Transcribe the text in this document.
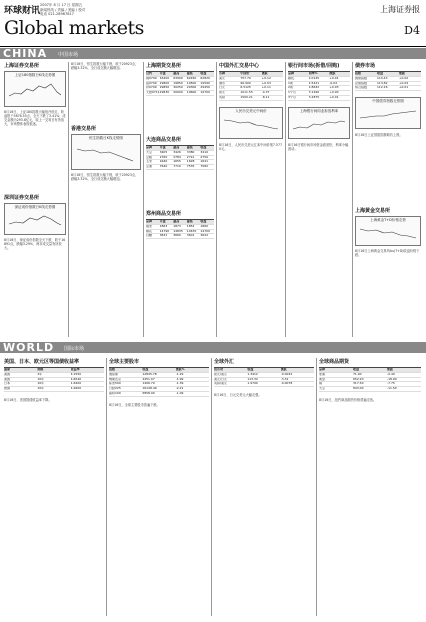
环球财讯
2007年 8 月 17 日 星期五
新闻热线 / 责编 / 美编 / 校对
电话 021-28967817
Global markets
上海证券报
D4
CHINA 中国市场
上海证券交易所
上证180指数日K线走势图
8月16日，上证180指数大幅低开低走，收盘报于3876.55点，全天下跌了3.41%；成交金额为293.8亿元，较上一交易日有所放大，市场整体表现低迷。
深圳证券交易所
深证成份指数日K线走势图
8月16日，深证成份指数全天下跌，收于16891点，跌幅3.29%，两市成交量有所放大。
8月16日，恒生指数大幅下挫，收于20923点，跌幅3.32%，全日成交额大幅增加。
香港交易所
恒生指数日K线走势图
8月16日，恒生指数大幅下挫，收于20923点，跌幅3.32%，全日成交额大幅增加。
上海期货交易所
合约	开盘	最高	最低	收盘
铜0709 63400	63900	62450	62820
铝0709 19800	19850	19500	19590
锌0709 29850	30250	29300	29450
天胶0711 19830	20000	19600	19700
大连商品交易所
品种	开盘	最高	最低	收盘
大豆	3405	3426	3380	3410
豆粕	2760	2784	2721	2750
玉米	1640	1655	1628	1641
豆油	7640	7710	7535	7582
郑州商品交易所
品种	开盘	最高	最低	收盘
强麦	1863	1873	1852	1860
棉花	14790	14835	14670	14700
白糖	3631	3660	3601	3622
中国外汇交易中心
币种	中间价	涨跌
美元	757.70	+0.12
港币	96.900	+0.03
日元	6.5125	+0.11
欧元	1011.55	-4.37
英镑	1500.21	-8.11
人民币兑美元中间价
8月16日，人民币兑美元汇率中间价报7.5770元。
银行间市场(拆借/回购)
品种	利率%	涨跌
隔夜	2.0145	+0.01
1周	2.5421	-0.02
2周	2.8632	+0.03
1个月	3.1290	+0.00
3个月	3.2875	+0.01
上海银行间同业拆放利率
8月16日银行间市场资金面宽松，利率小幅波动。
债券市场
指数	收盘	涨跌
国债指数	110.43	+0.02
企债指数	113.82	+0.04
综合指数	112.16	+0.01
中国债券指数走势图
8月16日上证国债指数略有上涨。
上海黄金交易所
上海黄金T+D价格走势
8月16日上海黄金交易所Au(T+D)收盘价格下跌。
WORLD 国际市场
美国、日本、欧元区等国债收益率
国家	期限	收益率
美国	2年	4.1550
美国	10年	4.6540
日本	10年	1.6400
德国	10年	4.2600
8月16日，美国国债收益率下降。
全球主要股市
指数	收盘	涨跌%
道琼斯	12845.78	-1.29
纳斯达克	2451.07	-1.99
标普500	1406.70	-1.39
日经225	16148.49	-2.21
富时100	5858.90	-1.09
8月16日，全球主要股市普遍下跌。
全球外汇
货币对	收盘	涨跌
欧元/美元	1.3412	-0.0032
美元/日元	113.32	-3.31
英镑/美元	1.9790	-0.0078
8月16日，日元兑美元大幅走强。
全球商品期货
品种	收盘	涨跌
原油	71.00	-0.40
黄金	652.20	-18.90
铜	317.50	-7.75
大豆	843.00	-11.50
8月16日，纽约商品期货价格普遍走低。
